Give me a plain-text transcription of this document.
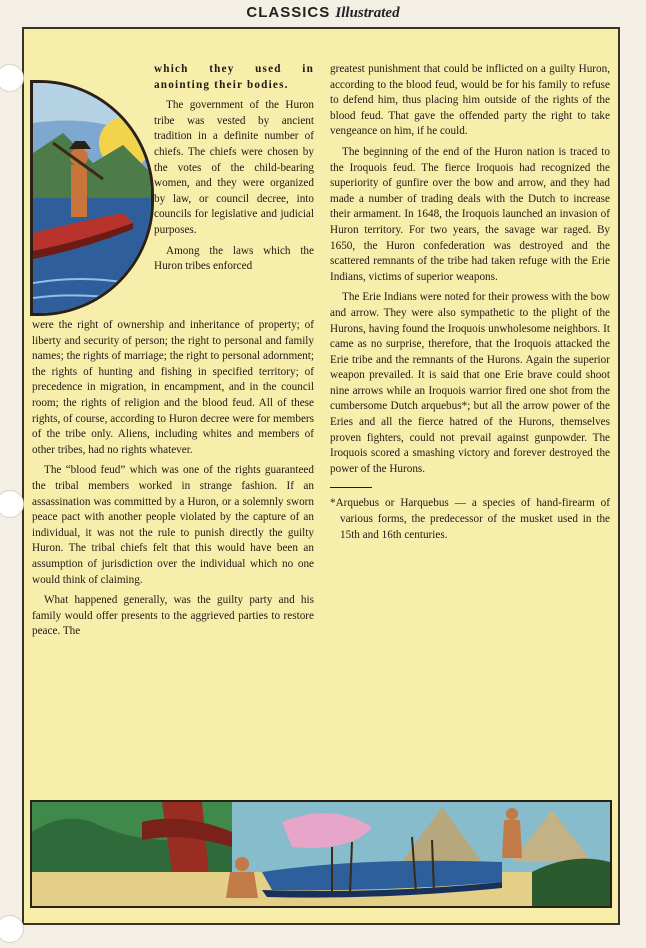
CLASSICS Illustrated

which they used in anointing their bodies.

The government of the Huron tribe was vested by ancient tradition in a definite number of chiefs. The chiefs were chosen by the votes of the child-bearing women, and they were organized by law, or council decree, into councils for legislative and judicial purposes.

Among the laws which the Huron tribes enforced

were the right of ownership and inheritance of property; of liberty and security of person; the right to personal and family names; the rights of marriage; the right to personal adornment; the rights of hunting and fishing in specified territory; of precedence in migration, in encampment, and in the council room; the rights of religion and the blood feud. All of these rights, of course, according to Huron decree were for members of the tribe only. Aliens, including whites and members of other tribes, had no rights whatever.

The “blood feud” which was one of the rights guaranteed the tribal members worked in strange fashion. If an assassination was committed by a Huron, or a solemnly sworn peace pact with another people violated by the capture of an individual, it was not the rule to punish directly the guilty Huron. The tribal chiefs felt that this would have been an assumption of jurisdiction over the individual which no one would think of claiming.

What happened generally, was the guilty party and his family would offer presents to the aggrieved parties to restore peace. The

greatest punishment that could be inflicted on a guilty Huron, according to the blood feud, would be for his family to refuse to defend him, thus placing him outside of the rights of the blood feud. That gave the offended party the right to take vengeance on him, if he could.

The beginning of the end of the Huron nation is traced to the Iroquois feud. The fierce Iroquois had recognized the superiority of gunfire over the bow and arrow, and they had made a number of trading deals with the Dutch to increase their armament. In 1648, the Iroquois launched an invasion of Huron territory. For two years, the savage war raged. By 1650, the Huron confederation was destroyed and the scattered remnants of the tribe had taken refuge with the Erie Indians, victims of superior weapons.

The Erie Indians were noted for their prowess with the bow and arrow. They were also sympathetic to the plight of the Hurons, having found the Iroquois unwholesome neighbors. It came as no surprise, therefore, that the Iroquois attacked the Erie tribe and the remnants of the Hurons. Again the superior weapon prevailed. It is said that one Erie brave could shoot nine arrows while an Iroquois warrior fired one shot from the cumbersome Dutch arquebus*; but all the arrow power of the Eries and all the fierce hatred of the Hurons, themselves proven fighters, could not prevail against gunpowder. The Iroquois scored a smashing victory and forever destroyed the power of the Hurons.

*Arquebus or Harquebus — a species of hand-firearm of various forms, the predecessor of the musket used in the 15th and 16th centuries.
